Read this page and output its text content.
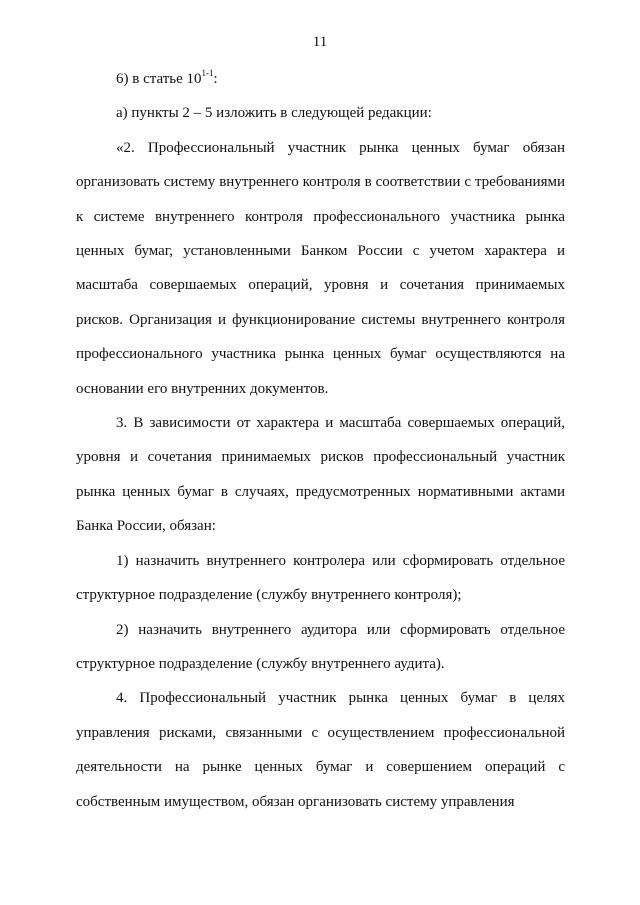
11

6) в статье 10$^{1-1}$:

а) пункты 2 – 5 изложить в следующей редакции:

«2. Профессиональный участник рынка ценных бумаг обязан организовать систему внутреннего контроля в соответствии с требованиями к системе внутреннего контроля профессионального участника рынка ценных бумаг, установленными Банком России с учетом характера и масштаба совершаемых операций, уровня и сочетания принимаемых рисков. Организация и функционирование системы внутреннего контроля профессионального участника рынка ценных бумаг осуществляются на основании его внутренних документов.

3. В зависимости от характера и масштаба совершаемых операций, уровня и сочетания принимаемых рисков профессиональный участник рынка ценных бумаг в случаях, предусмотренных нормативными актами Банка России, обязан:

1) назначить внутреннего контролера или сформировать отдельное структурное подразделение (службу внутреннего контроля);

2) назначить внутреннего аудитора или сформировать отдельное структурное подразделение (службу внутреннего аудита).

4. Профессиональный участник рынка ценных бумаг в целях управления рисками, связанными с осуществлением профессиональной деятельности на рынке ценных бумаг и совершением операций с собственным имуществом, обязан организовать систему управления
